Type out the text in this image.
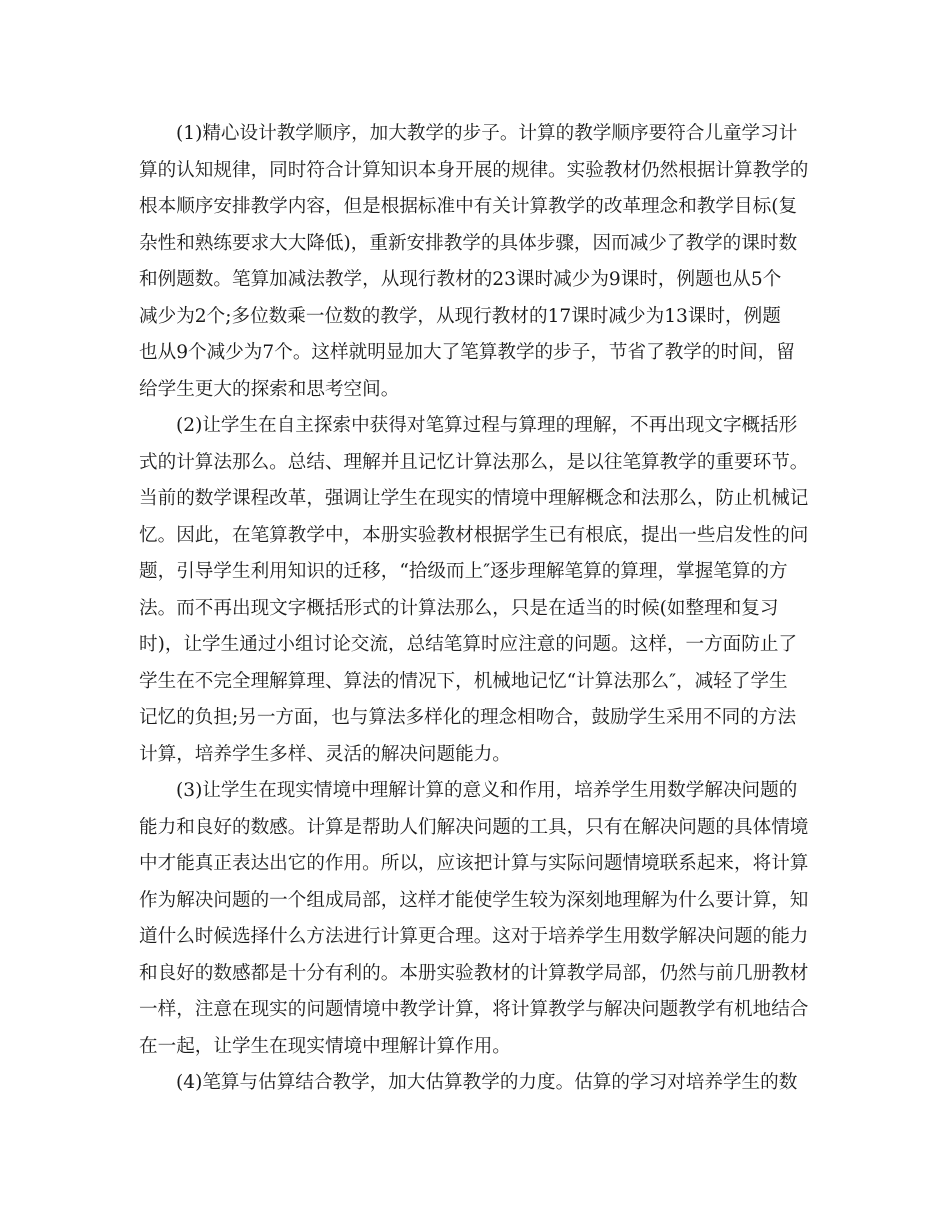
(1)精心设计教学顺序，加大教学的步子。计算的教学顺序要符合儿童学习计
算的认知规律，同时符合计算知识本身开展的规律。实验教材仍然根据计算教学的
根本顺序安排教学内容，但是根据标准中有关计算教学的改革理念和教学目标(复
杂性和熟练要求大大降低)，重新安排教学的具体步骤，因而减少了教学的课时数
和例题数。笔算加减法教学，从现行教材的23课时减少为9课时，例题也从5个
减少为2个;多位数乘一位数的教学，从现行教材的17课时减少为13课时，例题
也从9个减少为7个。这样就明显加大了笔算教学的步子，节省了教学的时间，留
给学生更大的探索和思考空间。
(2)让学生在自主探索中获得对笔算过程与算理的理解，不再出现文字概括形
式的计算法那么。总结、理解并且记忆计算法那么，是以往笔算教学的重要环节。
当前的数学课程改革，强调让学生在现实的情境中理解概念和法那么，防止机械记
忆。因此，在笔算教学中，本册实验教材根据学生已有根底，提出一些启发性的问
题，引导学生利用知识的迁移，“拾级而上″逐步理解笔算的算理，掌握笔算的方
法。而不再出现文字概括形式的计算法那么，只是在适当的时候(如整理和复习
时)，让学生通过小组讨论交流，总结笔算时应注意的问题。这样，一方面防止了
学生在不完全理解算理、算法的情况下，机械地记忆“计算法那么″，减轻了学生
记忆的负担;另一方面，也与算法多样化的理念相吻合，鼓励学生采用不同的方法
计算，培养学生多样、灵活的解决问题能力。
(3)让学生在现实情境中理解计算的意义和作用，培养学生用数学解决问题的
能力和良好的数感。计算是帮助人们解决问题的工具，只有在解决问题的具体情境
中才能真正表达出它的作用。所以，应该把计算与实际问题情境联系起来，将计算
作为解决问题的一个组成局部，这样才能使学生较为深刻地理解为什么要计算，知
道什么时候选择什么方法进行计算更合理。这对于培养学生用数学解决问题的能力
和良好的数感都是十分有利的。本册实验教材的计算教学局部，仍然与前几册教材
一样，注意在现实的问题情境中教学计算，将计算教学与解决问题教学有机地结合
在一起，让学生在现实情境中理解计算作用。
(4)笔算与估算结合教学，加大估算教学的力度。估算的学习对培养学生的数
